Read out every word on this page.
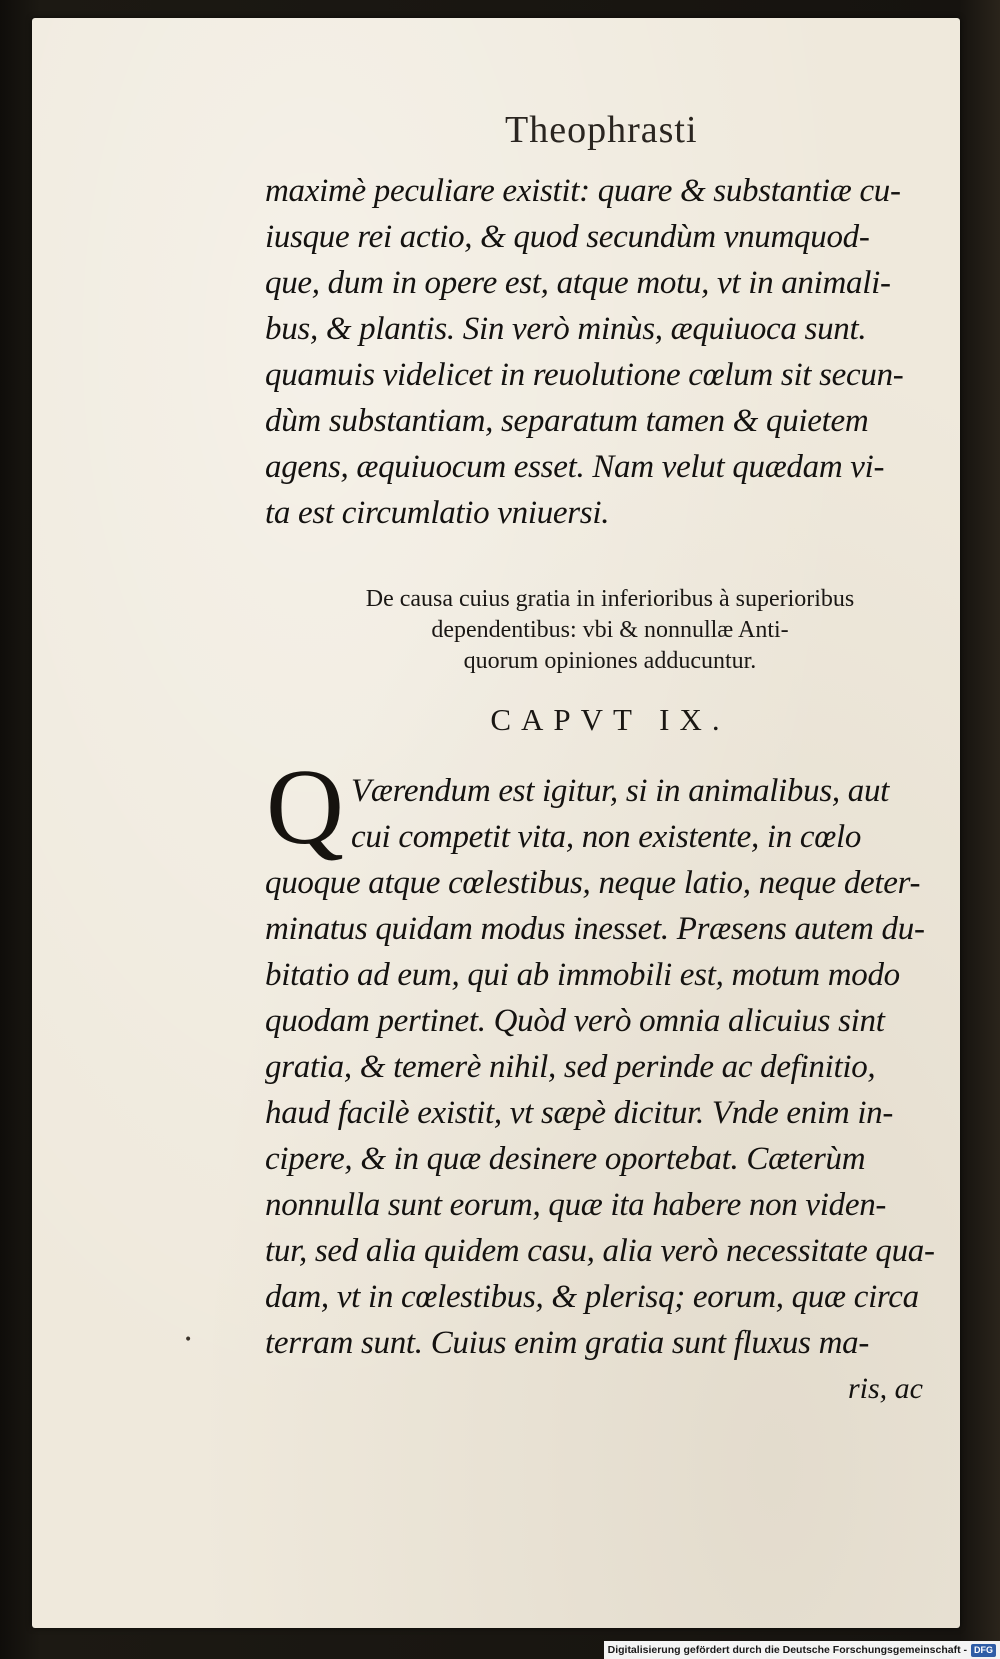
Theophrasti
maximè peculiare existit: quare & substantiæ cu-
iusque rei actio, & quod secundùm vnumquod-
que, dum in opere est, atque motu, vt in animali-
bus, & plantis. Sin verò minùs, æquiuoca sunt.
quamuis videlicet in reuolutione cœlum sit secun-
dùm substantiam, separatum tamen & quietem
agens, æquiuocum esset. Nam velut quædam vi-
ta est circumlatio vniuersi.
De causa cuius gratia in inferioribus à superioribus
dependentibus: vbi & nonnullæ Anti-
quorum opiniones adducuntur.
CAPVT IX.
Q Værendum est igitur, si in animalibus, aut
cui competit vita, non existente, in cœlo
quoque atque cœlestibus, neque latio, neque deter-
minatus quidam modus inesset. Præsens autem du-
bitatio ad eum, qui ab immobili est, motum modo
quodam pertinet. Quòd verò omnia alicuius sint
gratia, & temerè nihil, sed perinde ac definitio,
haud facilè existit, vt sæpè dicitur. Vnde enim in-
cipere, & in quæ desinere oportebat. Cæterùm
nonnulla sunt eorum, quæ ita habere non viden-
tur, sed alia quidem casu, alia verò necessitate qua-
dam, vt in cœlestibus, & plerisq; eorum, quæ circa
terram sunt. Cuius enim gratia sunt fluxus ma-
ris, ac
•
Digitalisierung gefördert durch die Deutsche Forschungsgemeinschaft - DFG
